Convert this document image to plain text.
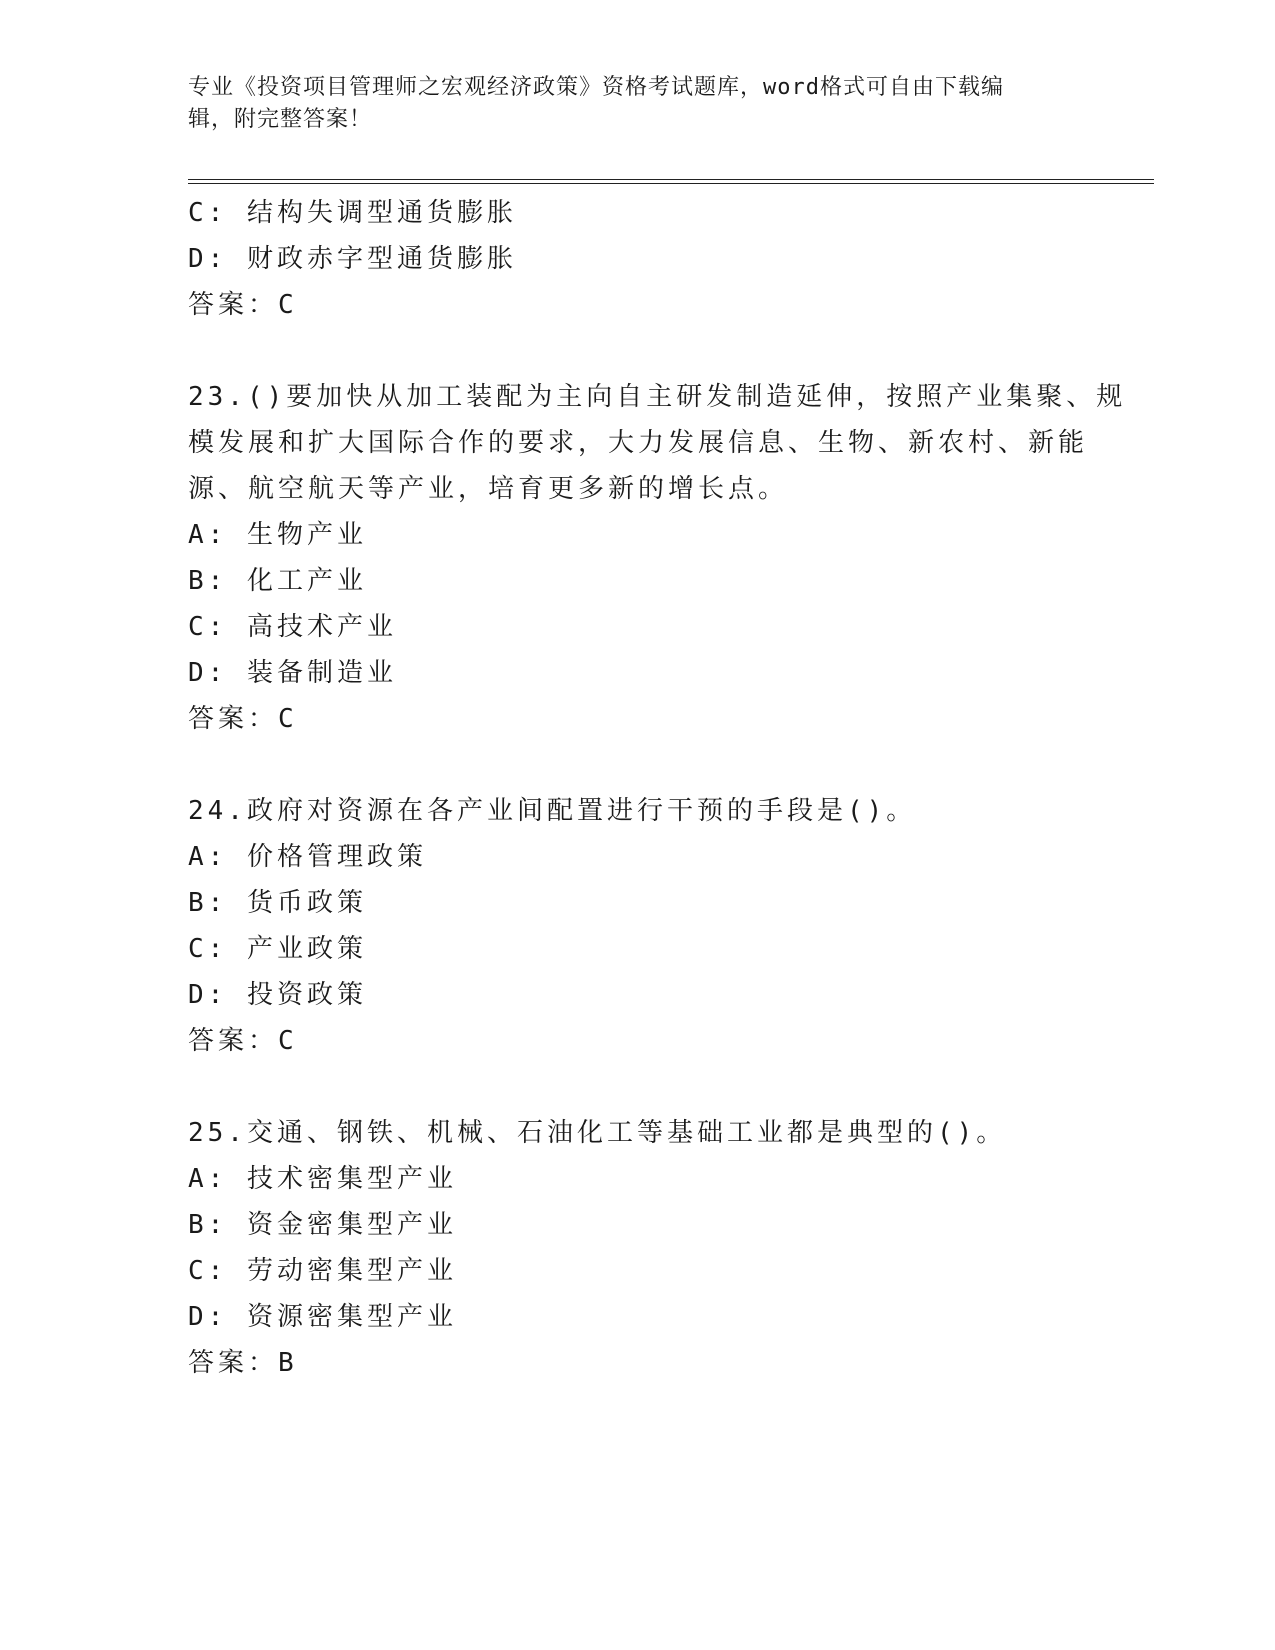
专业《投资项目管理师之宏观经济政策》资格考试题库，word格式可自由下载编
辑，附完整答案！
C: 结构失调型通货膨胀
D: 财政赤字型通货膨胀
答案：C
23.()要加快从加工装配为主向自主研发制造延伸，按照产业集聚、规
模发展和扩大国际合作的要求，大力发展信息、生物、新农村、新能
源、航空航天等产业，培育更多新的增长点。
A: 生物产业
B: 化工产业
C: 高技术产业
D: 装备制造业
答案：C
24.政府对资源在各产业间配置进行干预的手段是()。
A: 价格管理政策
B: 货币政策
C: 产业政策
D: 投资政策
答案：C
25.交通、钢铁、机械、石油化工等基础工业都是典型的()。
A: 技术密集型产业
B: 资金密集型产业
C: 劳动密集型产业
D: 资源密集型产业
答案：B
